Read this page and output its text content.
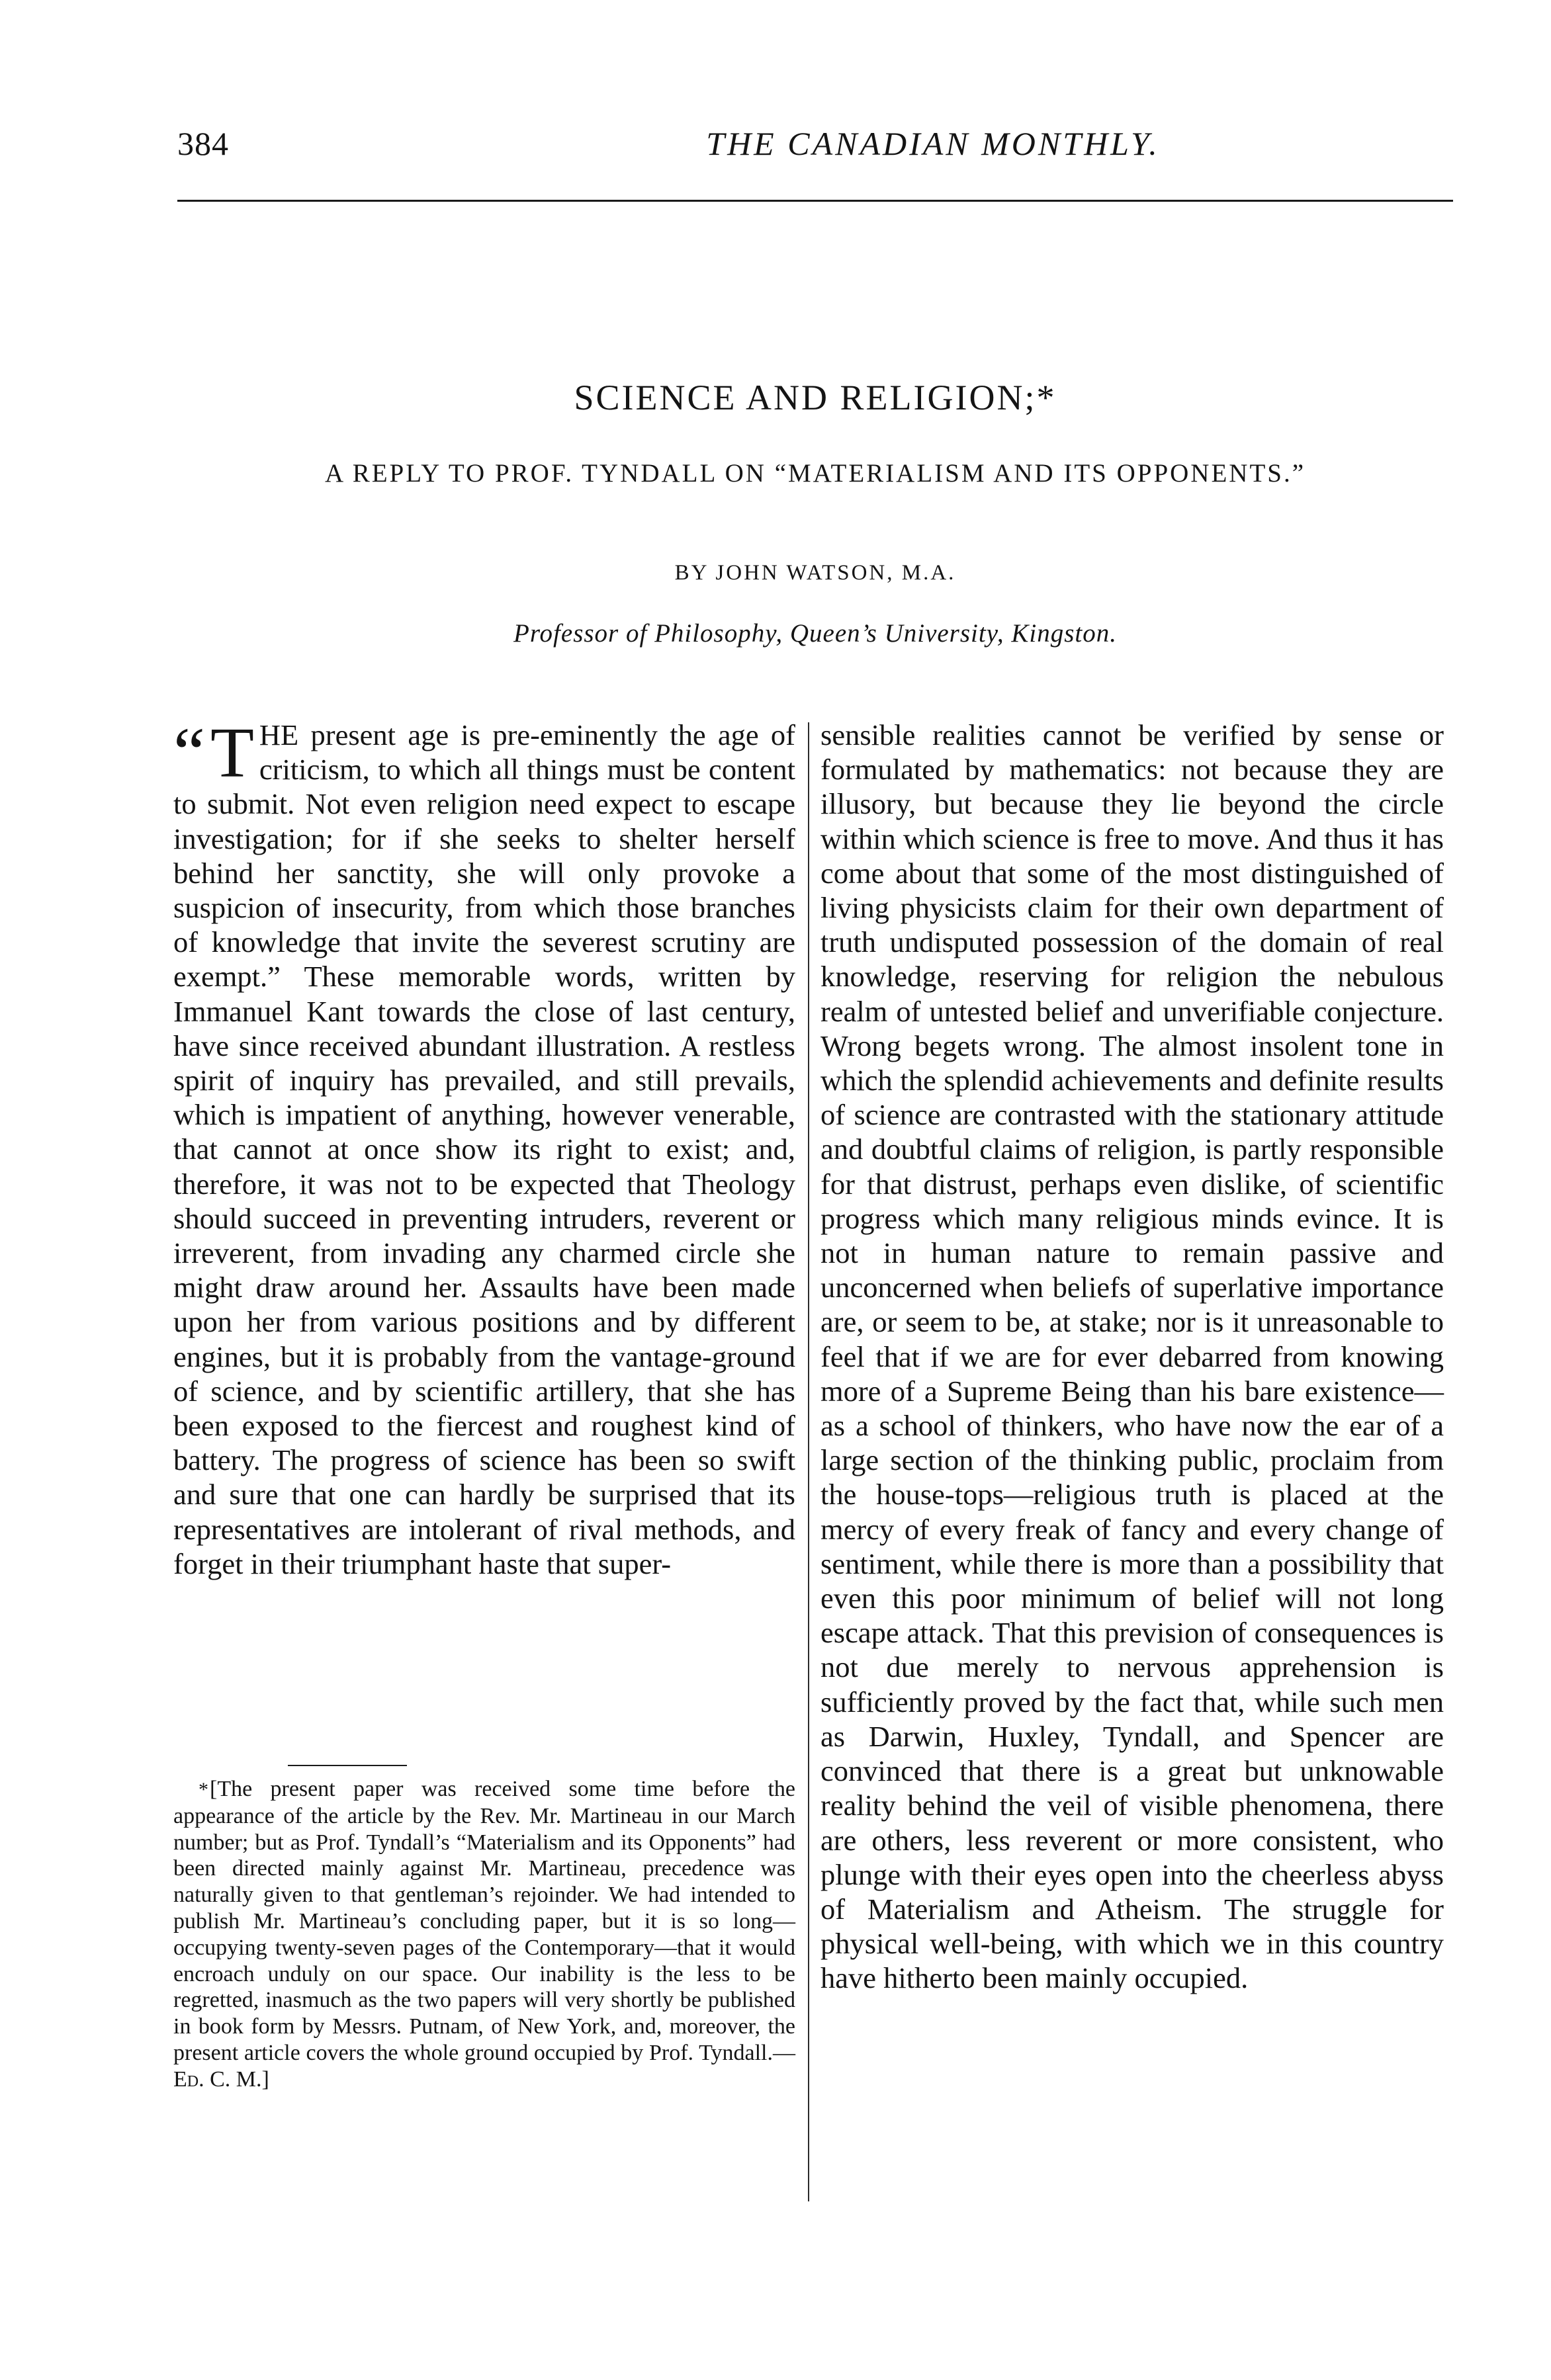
384	THE CANADIAN MONTHLY.
SCIENCE AND RELIGION;*
A REPLY TO PROF. TYNDALL ON “MATERIALISM AND ITS OPPONENTS.”
BY JOHN WATSON, M.A.
Professor of Philosophy, Queen’s University, Kingston.

“T HE present age is pre-eminently the age of criticism, to which all things must be content to submit. Not even religion need expect to escape investigation; for if she seeks to shelter herself behind her sanctity, she will only provoke a suspicion of insecurity, from which those branches of knowledge that invite the severest scrutiny are exempt.” These memorable words, written by Immanuel Kant towards the close of last century, have since received abundant illustration. A restless spirit of inquiry has prevailed, and still prevails, which is impatient of anything, however venerable, that cannot at once show its right to exist; and, therefore, it was not to be expected that Theology should succeed in preventing intruders, reverent or irreverent, from invading any charmed circle she might draw around her. Assaults have been made upon her from various positions and by different engines, but it is probably from the vantage-ground of science, and by scientific artillery, that she has been exposed to the fiercest and roughest kind of battery. The progress of science has been so swift and sure that one can hardly be surprised that its representatives are intolerant of rival methods, and forget in their triumphant haste that super-

sensible realities cannot be verified by sense or formulated by mathematics: not because they are illusory, but because they lie beyond the circle within which science is free to move. And thus it has come about that some of the most distinguished of living physicists claim for their own department of truth undisputed possession of the domain of real knowledge, reserving for religion the nebulous realm of untested belief and unverifiable conjecture. Wrong begets wrong. The almost insolent tone in which the splendid achievements and definite results of science are contrasted with the stationary attitude and doubtful claims of religion, is partly responsible for that distrust, perhaps even dislike, of scientific progress which many religious minds evince. It is not in human nature to remain passive and unconcerned when beliefs of superlative importance are, or seem to be, at stake; nor is it unreasonable to feel that if we are for ever debarred from knowing more of a Supreme Being than his bare existence—as a school of thinkers, who have now the ear of a large section of the thinking public, proclaim from the house-tops—religious truth is placed at the mercy of every freak of fancy and every change of sentiment, while there is more than a possibility that even this poor minimum of belief will not long escape attack. That this prevision of consequences is not due merely to nervous apprehension is sufficiently proved by the fact that, while such men as Darwin, Huxley, Tyndall, and Spencer are convinced that there is a great but unknowable reality behind the veil of visible phenomena, there are others, less reverent or more consistent, who plunge with their eyes open into the cheerless abyss of Materialism and Atheism. The struggle for physical well-being, with which we in this country have hitherto been mainly occupied.

*[The present paper was received some time before the appearance of the article by the Rev. Mr. Martineau in our March number; but as Prof. Tyndall’s “Materialism and its Opponents” had been directed mainly against Mr. Martineau, precedence was naturally given to that gentleman’s rejoinder. We had intended to publish Mr. Martineau’s concluding paper, but it is so long—occupying twenty-seven pages of the Contemporary—that it would encroach unduly on our space. Our inability is the less to be regretted, inasmuch as the two papers will very shortly be published in book form by Messrs. Putnam, of New York, and, moreover, the present article covers the whole ground occupied by Prof. Tyndall.—Ed. C. M.]
